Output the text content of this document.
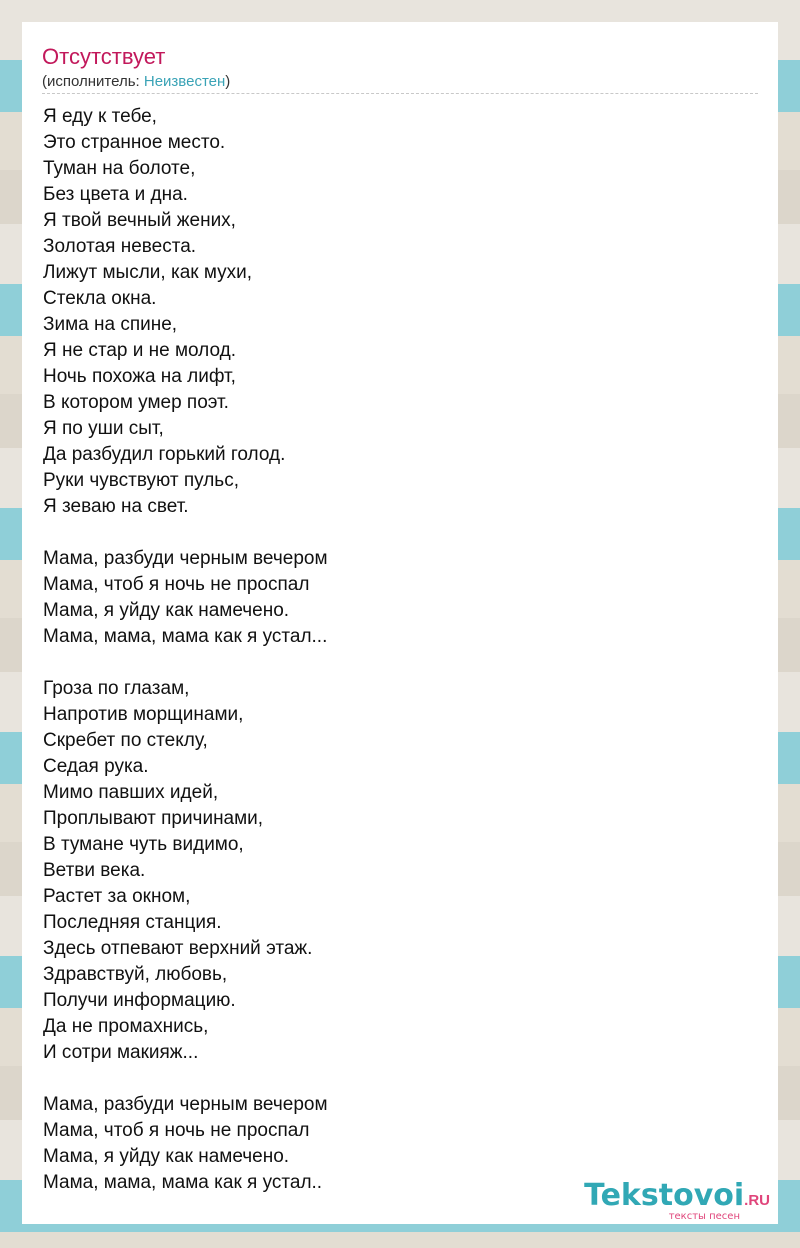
Отсутствует
(исполнитель: Неизвестен)
Я еду к тебе,
Это странное место.
Туман на болоте,
Без цвета и дна.
Я твой вечный жених,
Золотая невеста.
Лижут мысли, как мухи,
Стекла окна.
Зима на спине,
Я не стар и не молод.
Ночь похожа на лифт,
В котором умер поэт.
Я по уши сыт,
Да разбудил горький голод.
Руки чувствуют пульс,
Я зеваю на свет.
Мама, разбуди черным вечером
Мама, чтоб я ночь не проспал
Мама, я уйду как намечено.
Мама, мама, мама как я устал...
Гроза по глазам,
Напротив морщинами,
Скребет по стеклу,
Седая рука.
Мимо павших идей,
Проплывают причинами,
В тумане чуть видимо,
Ветви века.
Растет за окном,
Последняя станция.
Здесь отпевают верхний этаж.
Здравствуй, любовь,
Получи информацию.
Да не промахнись,
И сотри макияж...
Мама, разбуди черным вечером
Мама, чтоб я ночь не проспал
Мама, я уйду как намечено.
Мама, мама, мама как я устал..	Tekstovoi.RU
тексты песен
